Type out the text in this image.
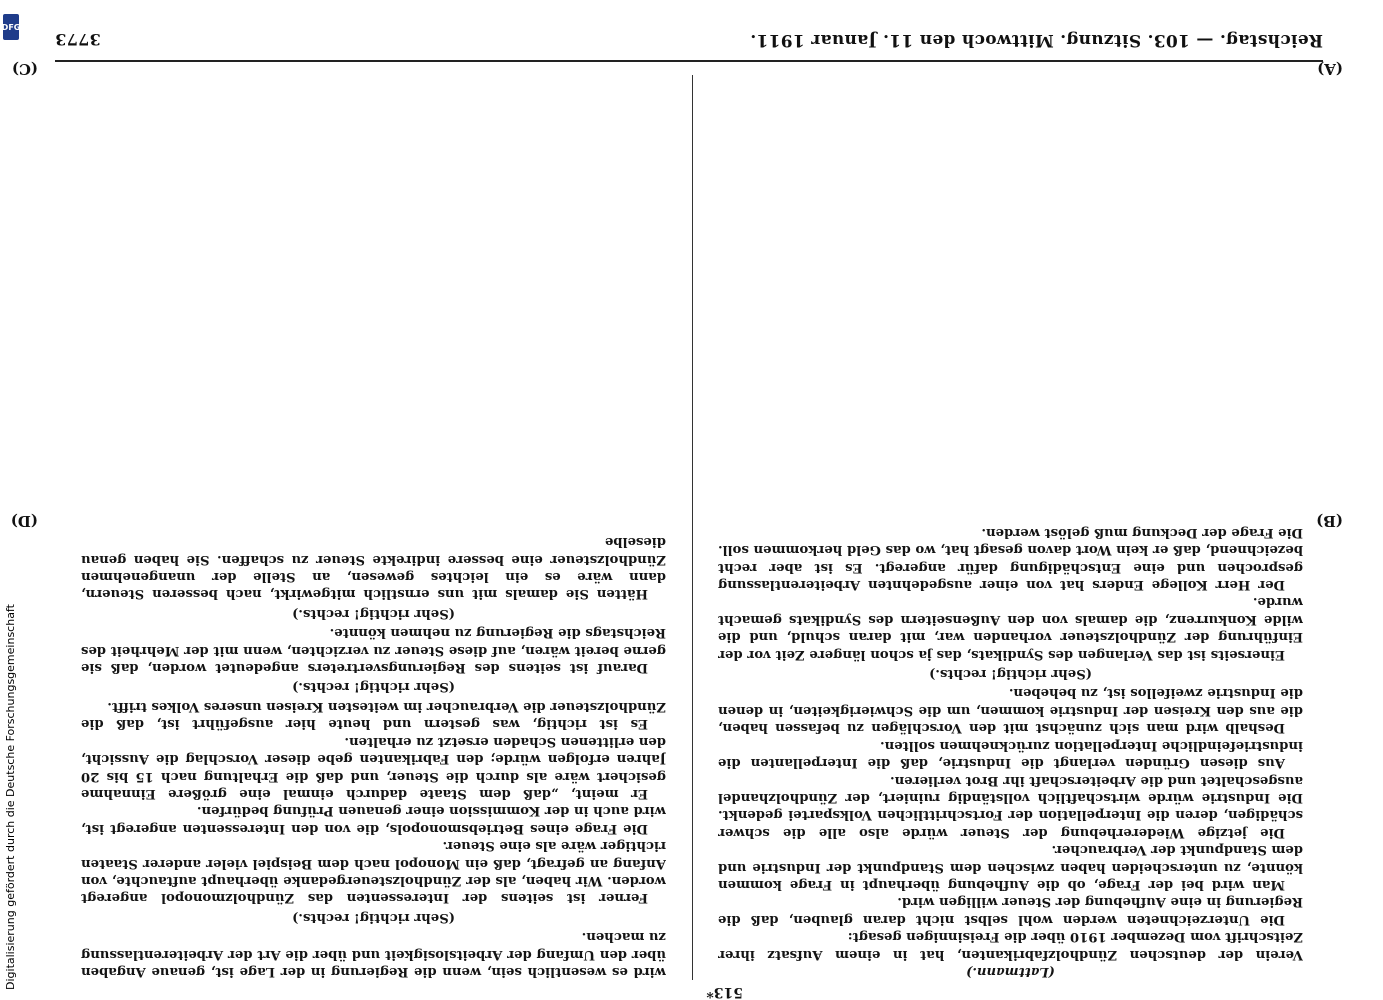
Reichstag. — 103. Sitzung. Mittwoch den 11. Januar 1911.
3773
(A)
(B)
(C)
(D)

(Lattmann.)

Verein der deutschen Zündholzfabrikanten, hat in einem Aufsatz ihrer Zeitschrift vom Dezember 1910 über die Freisinnigen gesagt:

Die Unterzeichneten werden wohl selbst nicht daran glauben, daß die Regierung in eine Aufhebung der Steuer willigen wird.

Man wird bei der Frage, ob die Aufhebung überhaupt in Frage kommen könnte, zu unterscheiden haben zwischen dem Standpunkt der Industrie und dem Standpunkt der Verbraucher.

Die jetzige Wiedererhebung der Steuer würde also alle die schwer schädigen, deren die Interpellation der Fortschrittlichen Volkspartei gedenkt. Die Industrie würde wirtschaftlich vollständig ruiniert, der Zündholzhandel ausgeschaltet und die Arbeiterschaft ihr Brot verlieren.

Aus diesen Gründen verlangt die Industrie, daß die Interpellanten die industriefeindliche Interpellation zurücknehmen sollten.

Deshalb wird man sich zunächst mit den Vorschlägen zu befassen haben, die aus den Kreisen der Industrie kommen, um die Schwierigkeiten, in denen die Industrie zweifellos ist, zu beheben.

(Sehr richtig! rechts.)

Einerseits ist das Verlangen des Syndikats, das ja schon längere Zeit vor der Einführung der Zündholzsteuer vorhanden war, mit daran schuld, und die wilde Konkurrenz, die damals von den Außenseitern des Syndikats gemacht wurde.

Der Herr Kollege Enders hat von einer ausgedehnten Arbeiterentlassung gesprochen und eine Entschädigung dafür angeregt. Es ist aber recht bezeichnend, daß er kein Wort davon gesagt hat, wo das Geld herkommen soll. Die Frage der Deckung muß gelöst werden.

wird es wesentlich sein, wenn die Regierung in der Lage ist, genaue Angaben über den Umfang der Arbeitslosigkeit und über die Art der Arbeiterentlassung zu machen.

(Sehr richtig! rechts.)

Ferner ist seitens der Interessenten das Zündholzmonopol angeregt worden. Wir haben, als der Zündholzsteuergedanke überhaupt auftauchte, von Anfang an gefragt, daß ein Monopol nach dem Beispiel vieler anderer Staaten richtiger wäre als eine Steuer.

Die Frage eines Betriebsmonopols, die von den Interessenten angeregt ist, wird auch in der Kommission einer genauen Prüfung bedürfen.

Er meint, „daß dem Staate dadurch einmal eine größere Einnahme gesichert wäre als durch die Steuer, und daß die Erhaltung nach 15 bis 20 Jahren erfolgen würde; den Fabrikanten gebe dieser Vorschlag die Aussicht, den erlittenen Schaden ersetzt zu erhalten.

Es ist richtig, was gestern und heute hier ausgeführt ist, daß die Zündholzsteuer die Verbraucher im weitesten Kreisen unseres Volkes trifft.

(Sehr richtig! rechts.)

Darauf ist seitens des Regierungsvertreters angedeutet worden, daß sie gerne bereit wären, auf diese Steuer zu verzichten, wenn mit der Mehrheit des Reichstags die Regierung zu nehmen könnte.

(Sehr richtig! rechts.)

Hätten Sie damals mit uns ernstlich mitgewirkt, nach besseren Steuern, dann wäre es ein leichtes gewesen, an Stelle der unangenehmen Zündholzsteuer eine bessere indirekte Steuer zu schaffen. Sie haben genau dieselbe

513*
Digitalisierung gefördert durch die Deutsche Forschungsgemeinschaft
DFG
